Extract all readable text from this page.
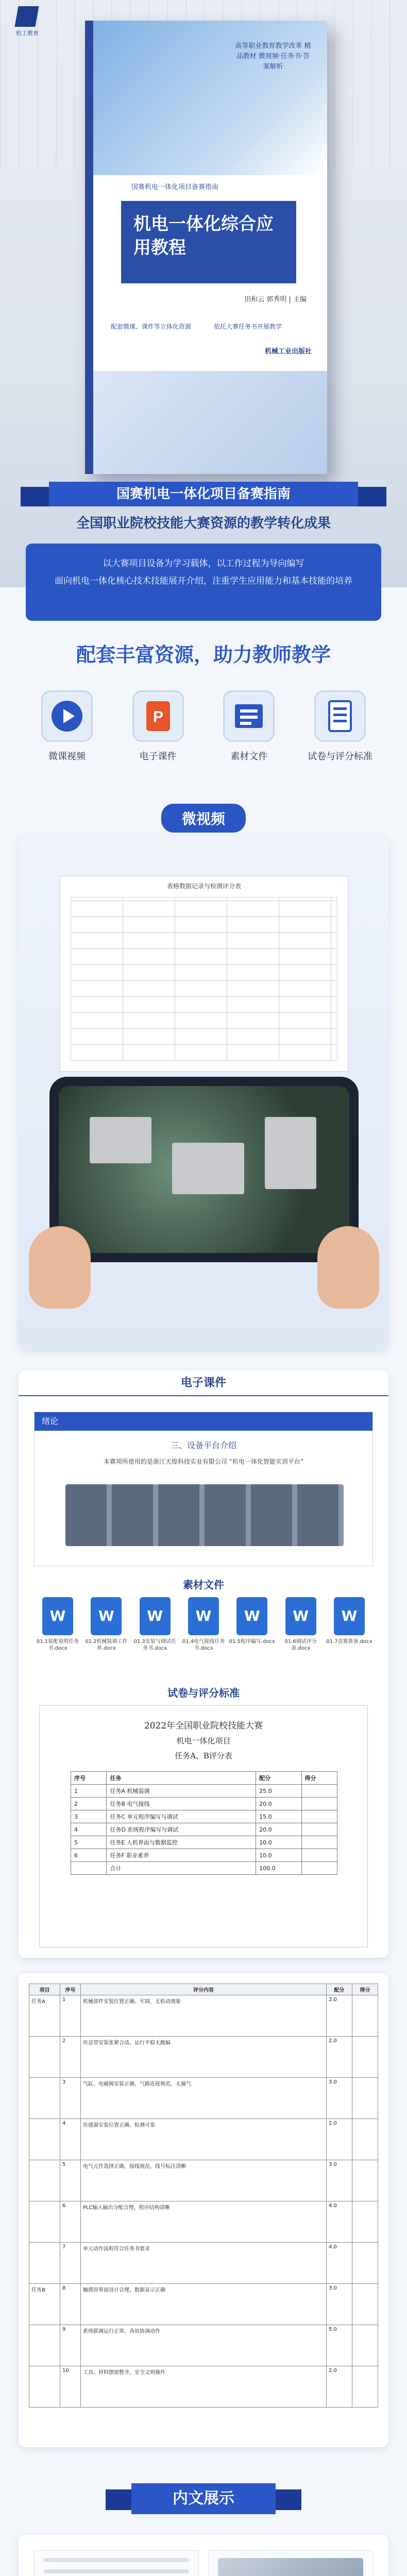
机工教育
高等职业教育教学改革 精品教材 微视频·任务书·答案解析
国赛机电一体化项目备赛指南
机电一体化综合应用教程
田和云 郭秀明 | 主编
配套微课、课件等立体化资源	依托大赛任务书开展教学
机械工业出版社
国赛机电一体化项目备赛指南
全国职业院校技能大赛资源的教学转化成果
以大赛项目设备为学习载体，以工作过程为导向编写
面向机电一体化核心技术技能展开介绍，注重学生应用能力和基本技能的培养
配套丰富资源，助力教师教学
微课视频
P
电子课件	素材文件	试卷与评分标准
微视频
表格数据记录与检测评分表
电子课件
绪论
三、设备平台介绍
本赛项所使用的是浙江天煌科技实业有限公司 “机电一体化智能实训平台”
素材文件
W
01.1装配说明任务书.docx
W
01.2机械装调工作单.docx
W
01.3安装与调试任务书.docx
W
01.4电气接线任务书.docx
W
01.5程序编写.docx
W
01.6调试评分表.docx
W
01.7竞赛准备.docx
试卷与评分标准
2022年全国职业院校技能大赛
机电一体化项目
任务A、B评分表
序号	任务	配分	得分
1	任务A 机械装调	25.0	
2	任务B 电气接线	20.0	
3	任务C 单元程序编写与调试	15.0	
4	任务D 系统程序编写与调试	20.0	
5	任务E 人机界面与数据监控	10.0	
6	任务F 职业素养	10.0	
	合计	100.0	
项目	序号	评分内容	配分	得分
任务A	1	机械部件安装位置正确、牢固，无松动现象	2.0	
	2	传送带安装张紧合适，运行平稳无跑偏	2.0	
	3	气缸、电磁阀安装正确，气路连接规范，无漏气	3.0	
	4	传感器安装位置正确、检测可靠	2.0	
	5	电气元件选择正确，接线规范，线号标注清晰	3.0	
	6	PLC输入输出分配合理，程序结构清晰	4.0	
	7	单元动作流程符合任务书要求	4.0	
任务B	8	触摸屏界面设计合理，数据显示正确	3.0	
	9	系统联调运行正常，各站协调动作	5.0	
	10	工具、材料摆放整齐，安全文明操作	2.0	
内文展示
